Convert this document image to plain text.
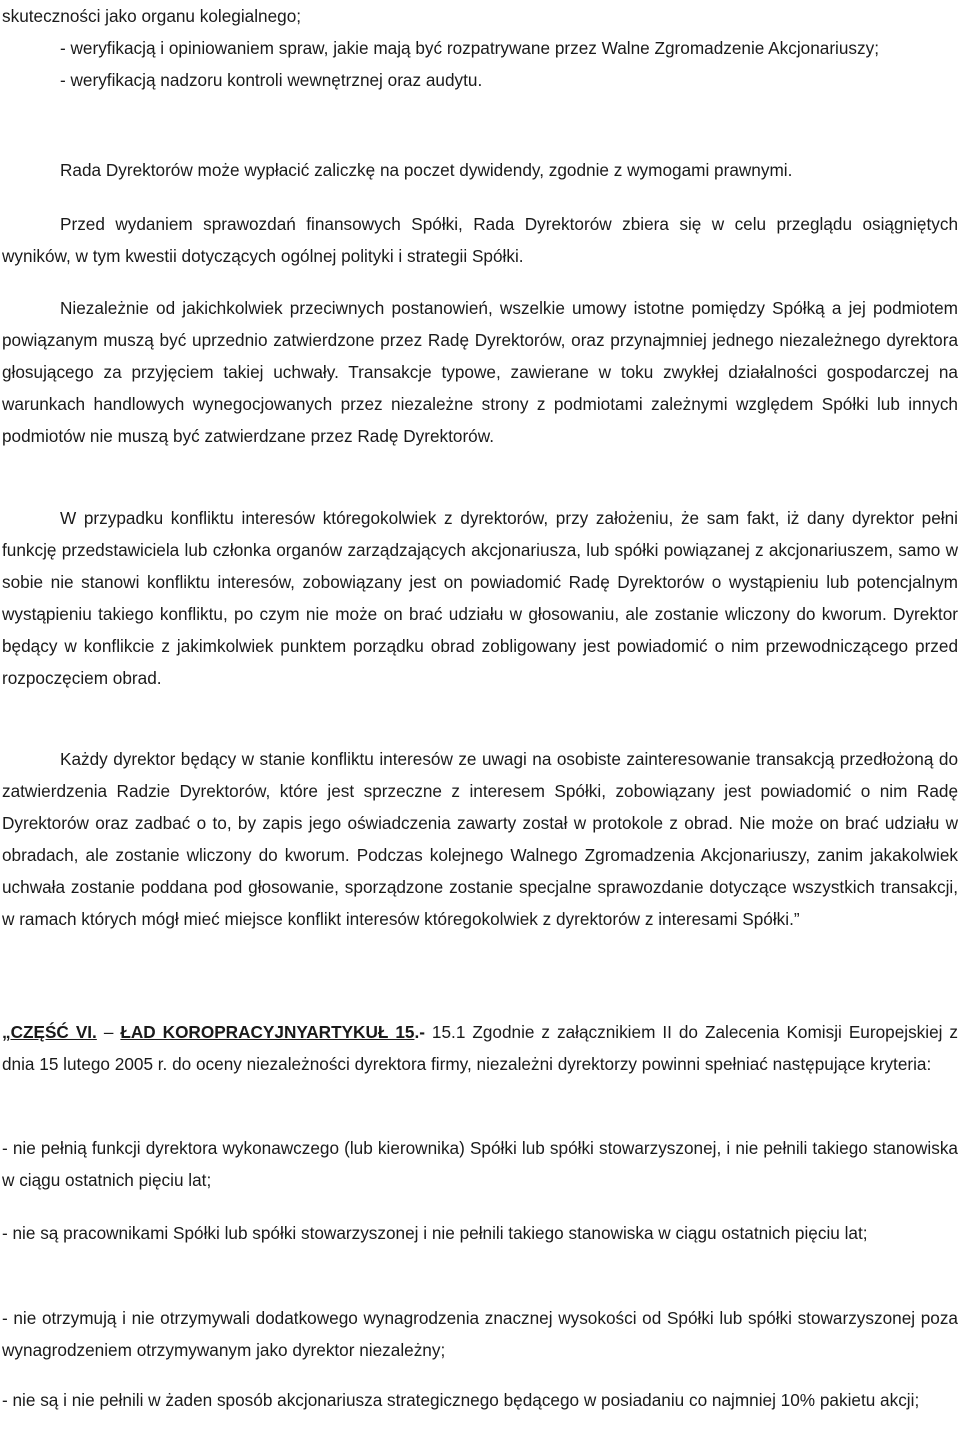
skuteczności jako organu kolegialnego;

- weryfikacją i opiniowaniem spraw, jakie mają być rozpatrywane przez Walne Zgromadzenie Akcjonariuszy;

- weryfikacją nadzoru kontroli wewnętrznej oraz audytu.

Rada Dyrektorów może wypłacić zaliczkę na poczet dywidendy, zgodnie z wymogami prawnymi.

Przed wydaniem sprawozdań finansowych Spółki, Rada Dyrektorów zbiera się w celu przeglądu osiągniętych wyników, w tym kwestii dotyczących ogólnej polityki i strategii Spółki.

Niezależnie od jakichkolwiek przeciwnych postanowień, wszelkie umowy istotne pomiędzy Spółką a jej podmiotem powiązanym muszą być uprzednio zatwierdzone przez Radę Dyrektorów, oraz przynajmniej jednego niezależnego dyrektora głosującego za przyjęciem takiej uchwały. Transakcje typowe, zawierane w toku zwykłej działalności gospodarczej na warunkach handlowych wynegocjowanych przez niezależne strony z podmiotami zależnymi względem Spółki lub innych podmiotów nie muszą być zatwierdzane przez Radę Dyrektorów.

W przypadku konfliktu interesów któregokolwiek z dyrektorów, przy założeniu, że sam fakt, iż dany dyrektor pełni funkcję przedstawiciela lub członka organów zarządzających akcjonariusza, lub spółki powiązanej z akcjonariuszem, samo w sobie nie stanowi konfliktu interesów, zobowiązany jest on powiadomić Radę Dyrektorów o wystąpieniu lub potencjalnym wystąpieniu takiego konfliktu, po czym nie może on brać udziału w głosowaniu, ale zostanie wliczony do kworum. Dyrektor będący w konflikcie z jakimkolwiek punktem porządku obrad zobligowany jest powiadomić o nim przewodniczącego przed rozpoczęciem obrad.

Każdy dyrektor będący w stanie konfliktu interesów ze uwagi na osobiste zainteresowanie transakcją przedłożoną do zatwierdzenia Radzie Dyrektorów, które jest sprzeczne z interesem Spółki, zobowiązany jest powiadomić o nim Radę Dyrektorów oraz zadbać o to, by zapis jego oświadczenia zawarty został w protokole z obrad. Nie może on brać udziału w obradach, ale zostanie wliczony do kworum. Podczas kolejnego Walnego Zgromadzenia Akcjonariuszy, zanim jakakolwiek uchwała zostanie poddana pod głosowanie, sporządzone zostanie specjalne sprawozdanie dotyczące wszystkich transakcji, w ramach których mógł mieć miejsce konflikt interesów któregokolwiek z dyrektorów z interesami Spółki.”

„CZĘŚĆ VI. – ŁAD KOROPRACYJNYARTYKUŁ 15.- 15.1 Zgodnie z załącznikiem II do Zalecenia Komisji Europejskiej z dnia 15 lutego 2005 r. do oceny niezależności dyrektora firmy, niezależni dyrektorzy powinni spełniać następujące kryteria:

- nie pełnią funkcji dyrektora wykonawczego (lub kierownika) Spółki lub spółki stowarzyszonej, i nie pełnili takiego stanowiska w ciągu ostatnich pięciu lat;

- nie są pracownikami Spółki lub spółki stowarzyszonej i nie pełnili takiego stanowiska w ciągu ostatnich pięciu lat;

- nie otrzymują i nie otrzymywali dodatkowego wynagrodzenia znacznej wysokości od Spółki lub spółki stowarzyszonej poza wynagrodzeniem otrzymywanym jako dyrektor niezależny;

- nie są i nie pełnili w żaden sposób akcjonariusza strategicznego będącego w posiadaniu co najmniej 10% pakietu akcji;
